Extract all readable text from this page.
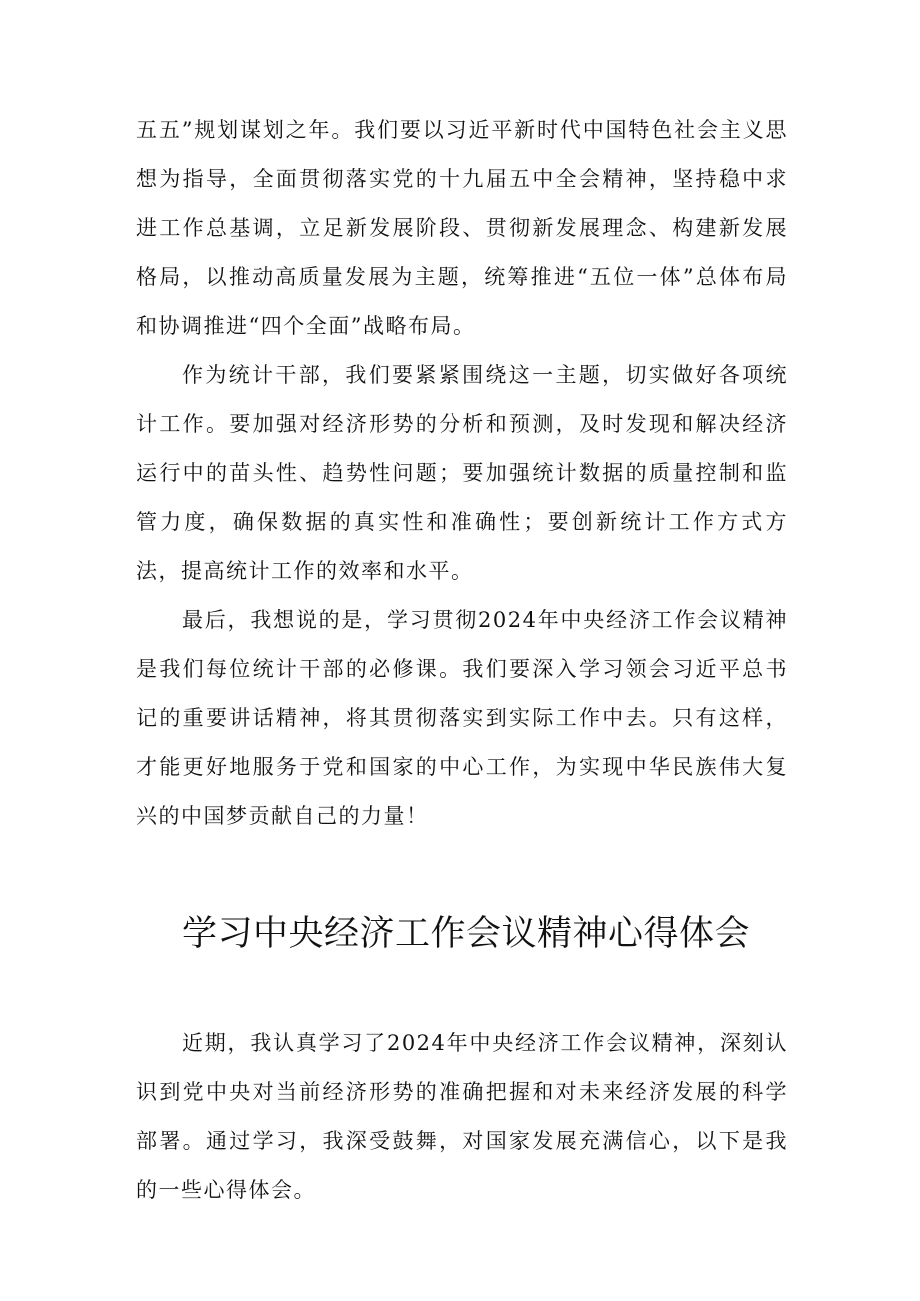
五五”规划谋划之年。我们要以习近平新时代中国特色社会主义思想为指导，全面贯彻落实党的十九届五中全会精神，坚持稳中求进工作总基调，立足新发展阶段、贯彻新发展理念、构建新发展格局，以推动高质量发展为主题，统筹推进“五位一体”总体布局和协调推进“四个全面”战略布局。

作为统计干部，我们要紧紧围绕这一主题，切实做好各项统计工作。要加强对经济形势的分析和预测，及时发现和解决经济运行中的苗头性、趋势性问题；要加强统计数据的质量控制和监管力度，确保数据的真实性和准确性；要创新统计工作方式方法，提高统计工作的效率和水平。

最后，我想说的是，学习贯彻2024年中央经济工作会议精神是我们每位统计干部的必修课。我们要深入学习领会习近平总书记的重要讲话精神，将其贯彻落实到实际工作中去。只有这样，才能更好地服务于党和国家的中心工作，为实现中华民族伟大复兴的中国梦贡献自己的力量！

学习中央经济工作会议精神心得体会

近期，我认真学习了2024年中央经济工作会议精神，深刻认识到党中央对当前经济形势的准确把握和对未来经济发展的科学部署。通过学习，我深受鼓舞，对国家发展充满信心，以下是我的一些心得体会。
